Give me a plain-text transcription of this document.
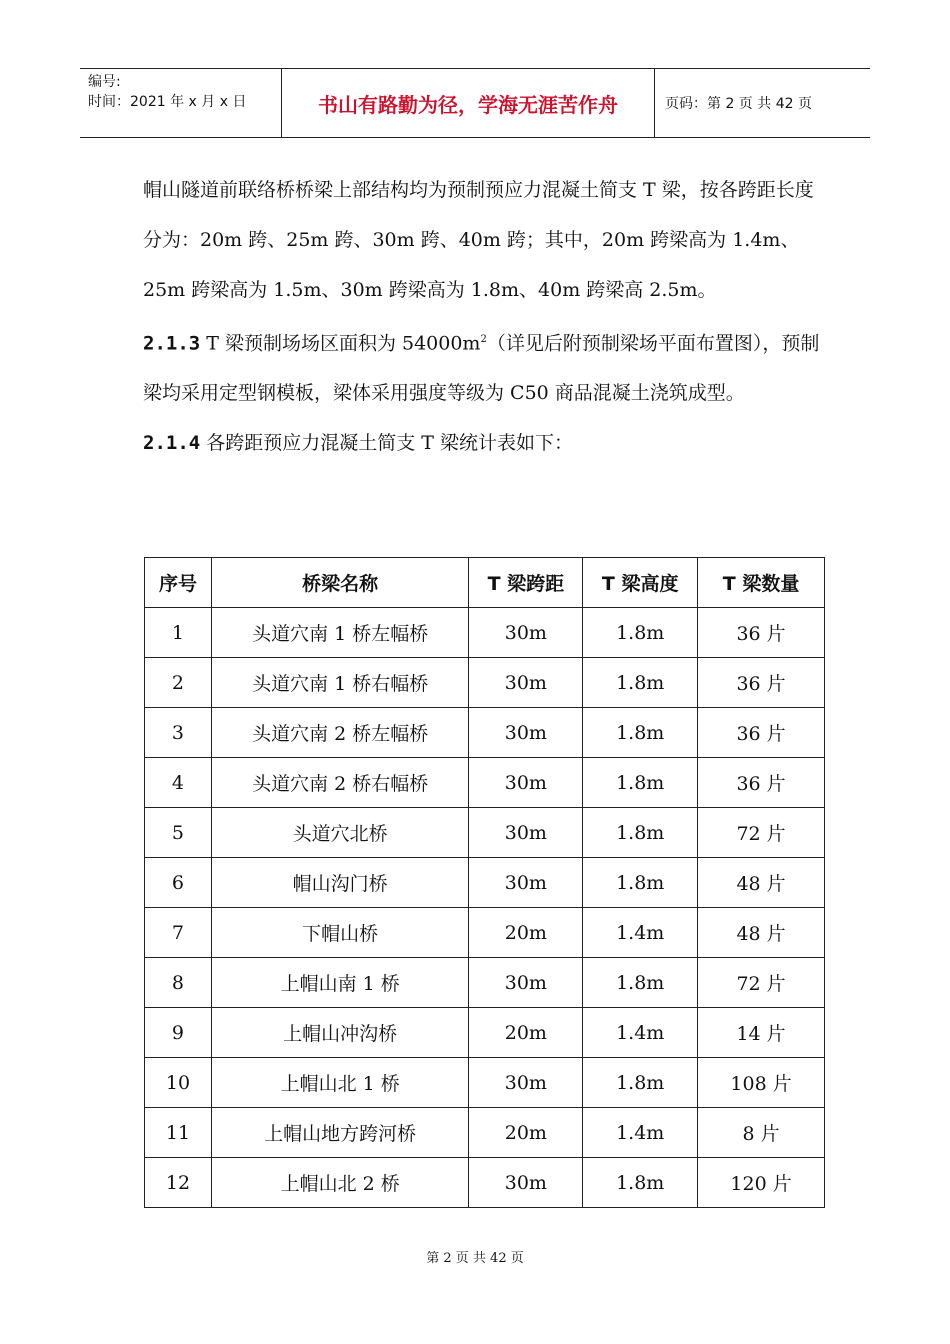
编号:
时间：2021 年 x 月 x 日	书山有路勤为径，学海无涯苦作舟	页码：第 2 页 共 42 页

帽山隧道前联络桥桥梁上部结构均为预制预应力混凝土简支 T 梁，按各跨距长度分为：20m 跨、25m 跨、30m 跨、40m 跨；其中，20m 跨梁高为 1.4m、25m 跨梁高为 1.5m、30m 跨梁高为 1.8m、40m 跨梁高 2.5m。

2.1.3 T 梁预制场场区面积为 $54000m^2$（详见后附预制梁场平面布置图），预制梁均采用定型钢模板，梁体采用强度等级为 C50 商品混凝土浇筑成型。

2.1.4 各跨距预应力混凝土简支 T 梁统计表如下：

序号	桥梁名称	T 梁跨距	T 梁高度	T 梁数量
1	头道穴南 1 桥左幅桥	30m	1.8m	36 片
2	头道穴南 1 桥右幅桥	30m	1.8m	36 片
3	头道穴南 2 桥左幅桥	30m	1.8m	36 片
4	头道穴南 2 桥右幅桥	30m	1.8m	36 片
5	头道穴北桥	30m	1.8m	72 片
6	帽山沟门桥	30m	1.8m	48 片
7	下帽山桥	20m	1.4m	48 片
8	上帽山南 1 桥	30m	1.8m	72 片
9	上帽山冲沟桥	20m	1.4m	14 片
10	上帽山北 1 桥	30m	1.8m	108 片
11	上帽山地方跨河桥	20m	1.4m	8 片
12	上帽山北 2 桥	30m	1.8m	120 片
第 2 页 共 42 页
